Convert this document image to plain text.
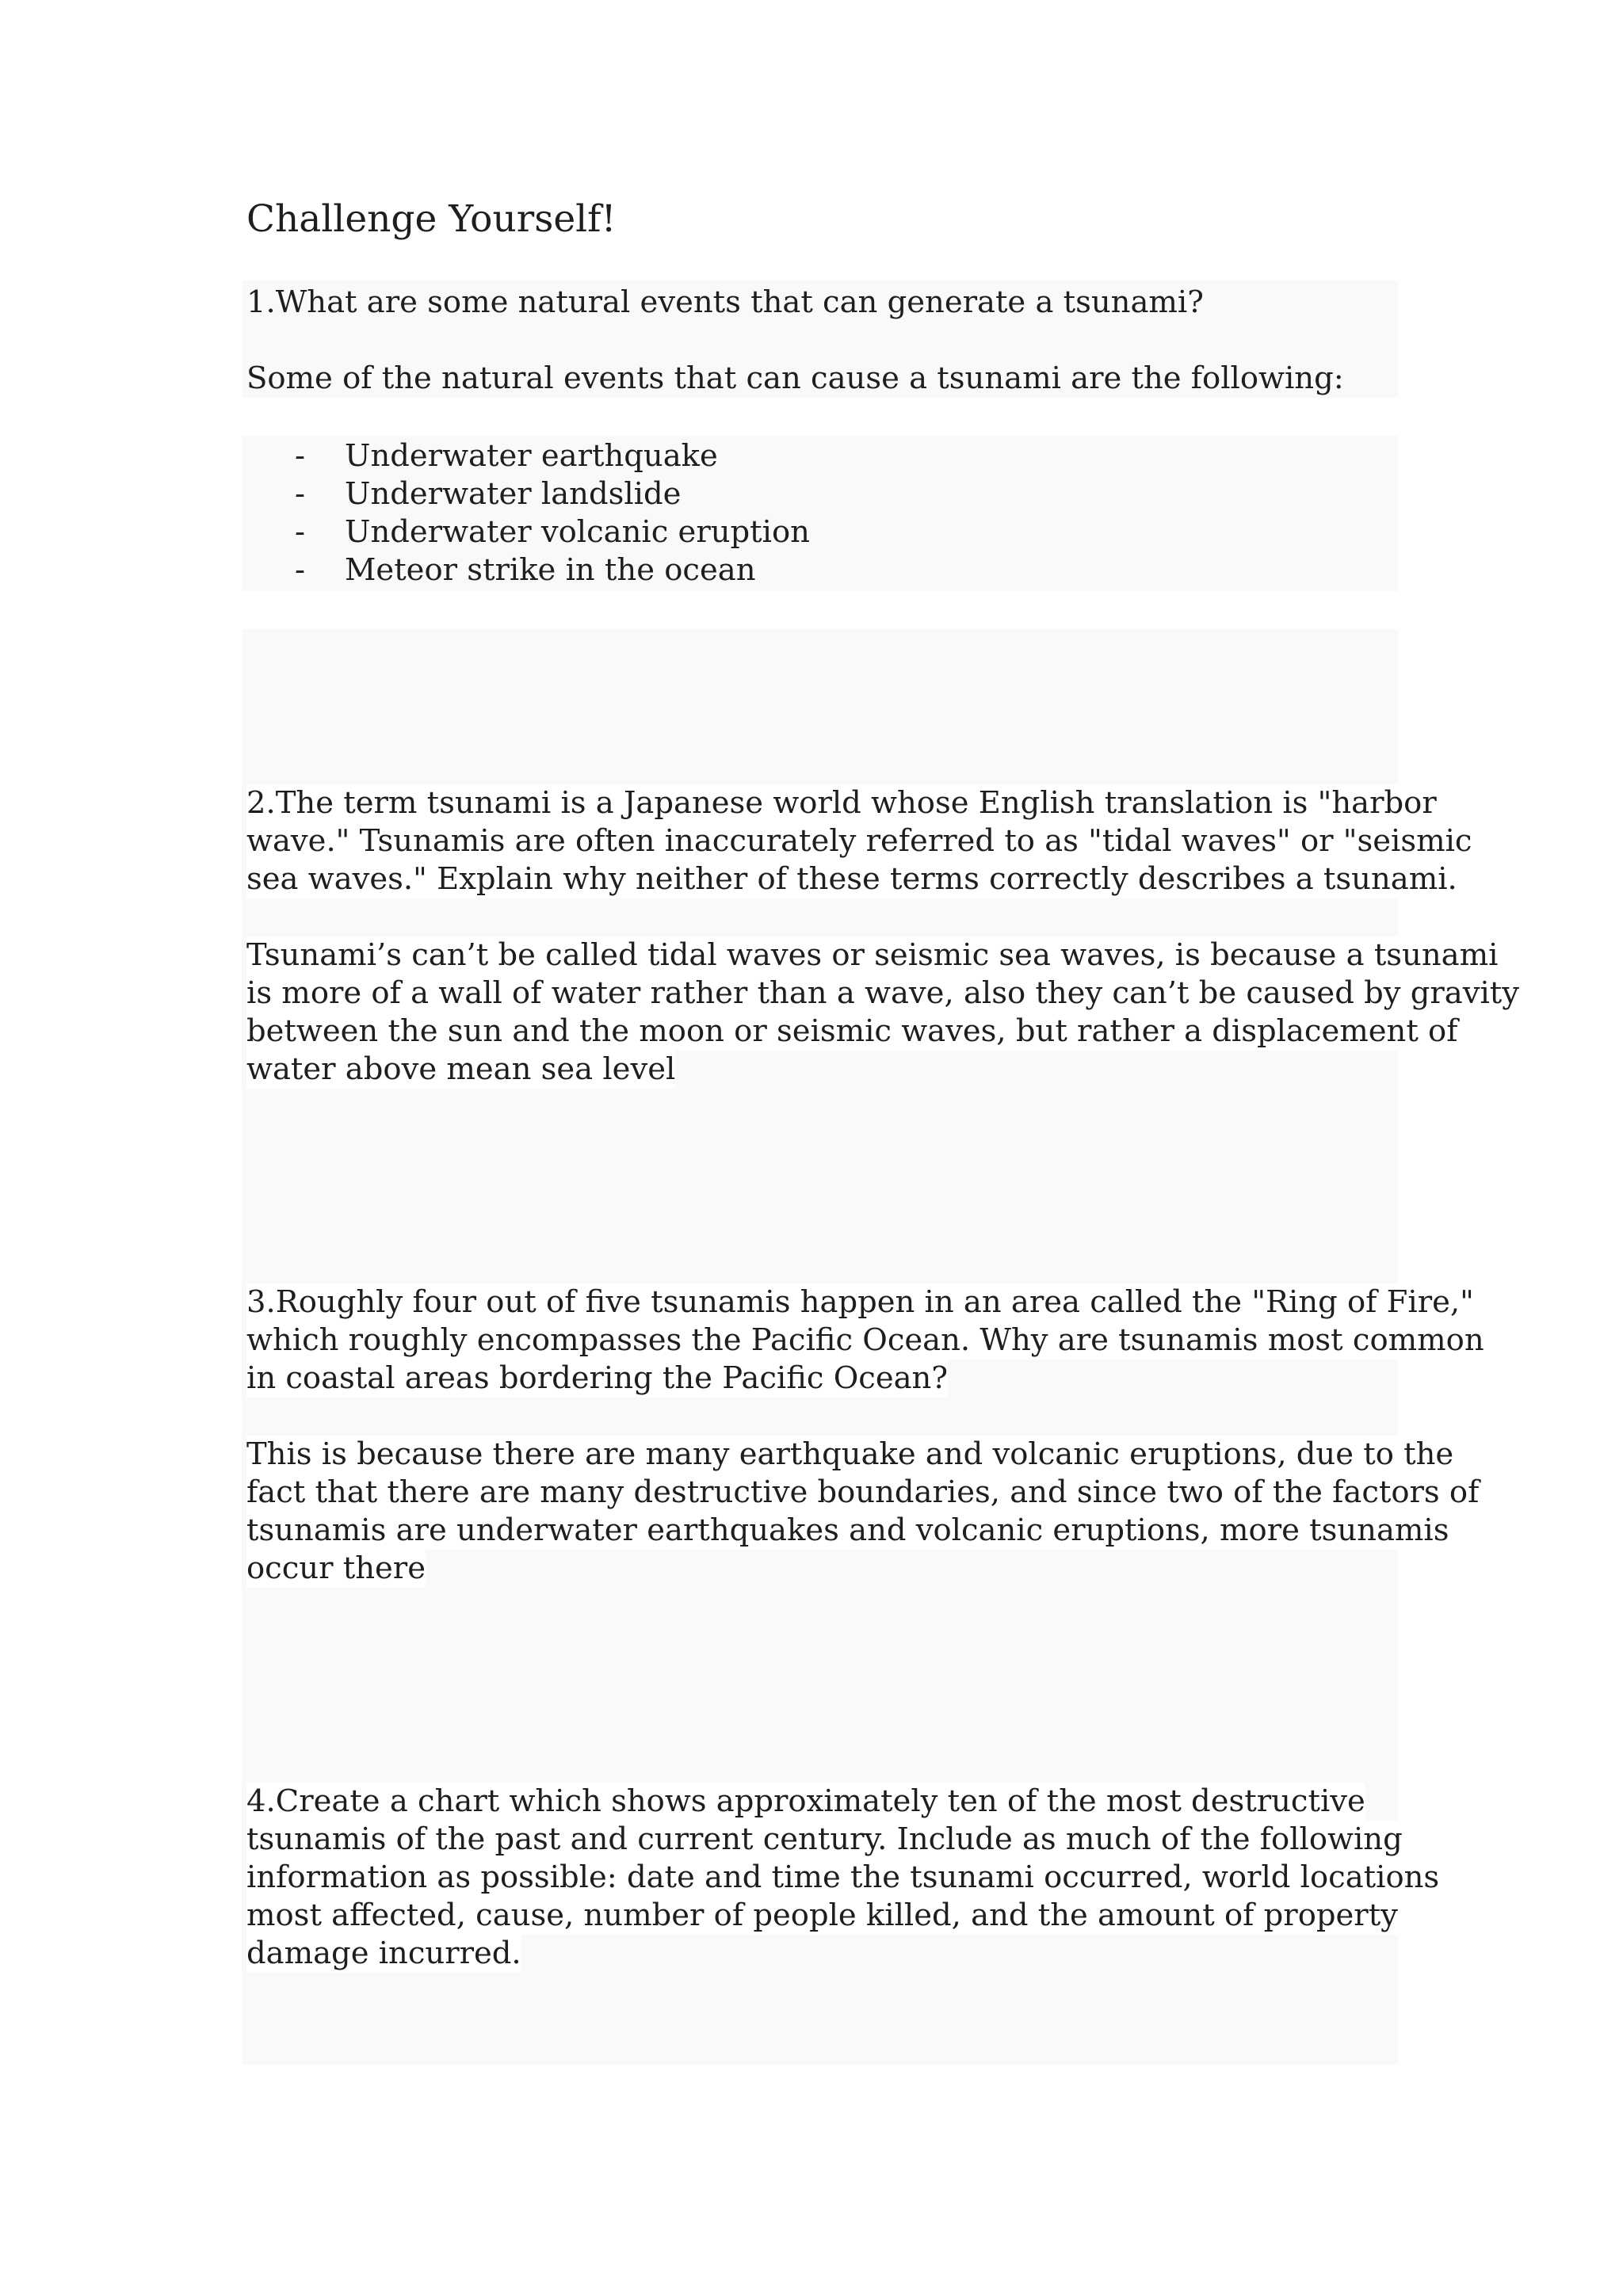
Challenge Yourself!

1.What are some natural events that can generate a tsunami?

Some of the natural events that can cause a tsunami are the following:

- Underwater earthquake
- Underwater landslide
- Underwater volcanic eruption
- Meteor strike in the ocean

2.The term tsunami is a Japanese world whose English translation is "harbor

wave." Tsunamis are often inaccurately referred to as "tidal waves" or "seismic

sea waves." Explain why neither of these terms correctly describes a tsunami.

Tsunami’s can’t be called tidal waves or seismic sea waves, is because a tsunami

is more of a wall of water rather than a wave, also they can’t be caused by gravity

between the sun and the moon or seismic waves, but rather a displacement of

water above mean sea level

3.Roughly four out of five tsunamis happen in an area called the "Ring of Fire,"

which roughly encompasses the Pacific Ocean. Why are tsunamis most common

in coastal areas bordering the Pacific Ocean?

This is because there are many earthquake and volcanic eruptions, due to the

fact that there are many destructive boundaries, and since two of the factors of

tsunamis are underwater earthquakes and volcanic eruptions, more tsunamis

occur there

4.Create a chart which shows approximately ten of the most destructive

tsunamis of the past and current century. Include as much of the following

information as possible: date and time the tsunami occurred, world locations

most affected, cause, number of people killed, and the amount of property

damage incurred.
